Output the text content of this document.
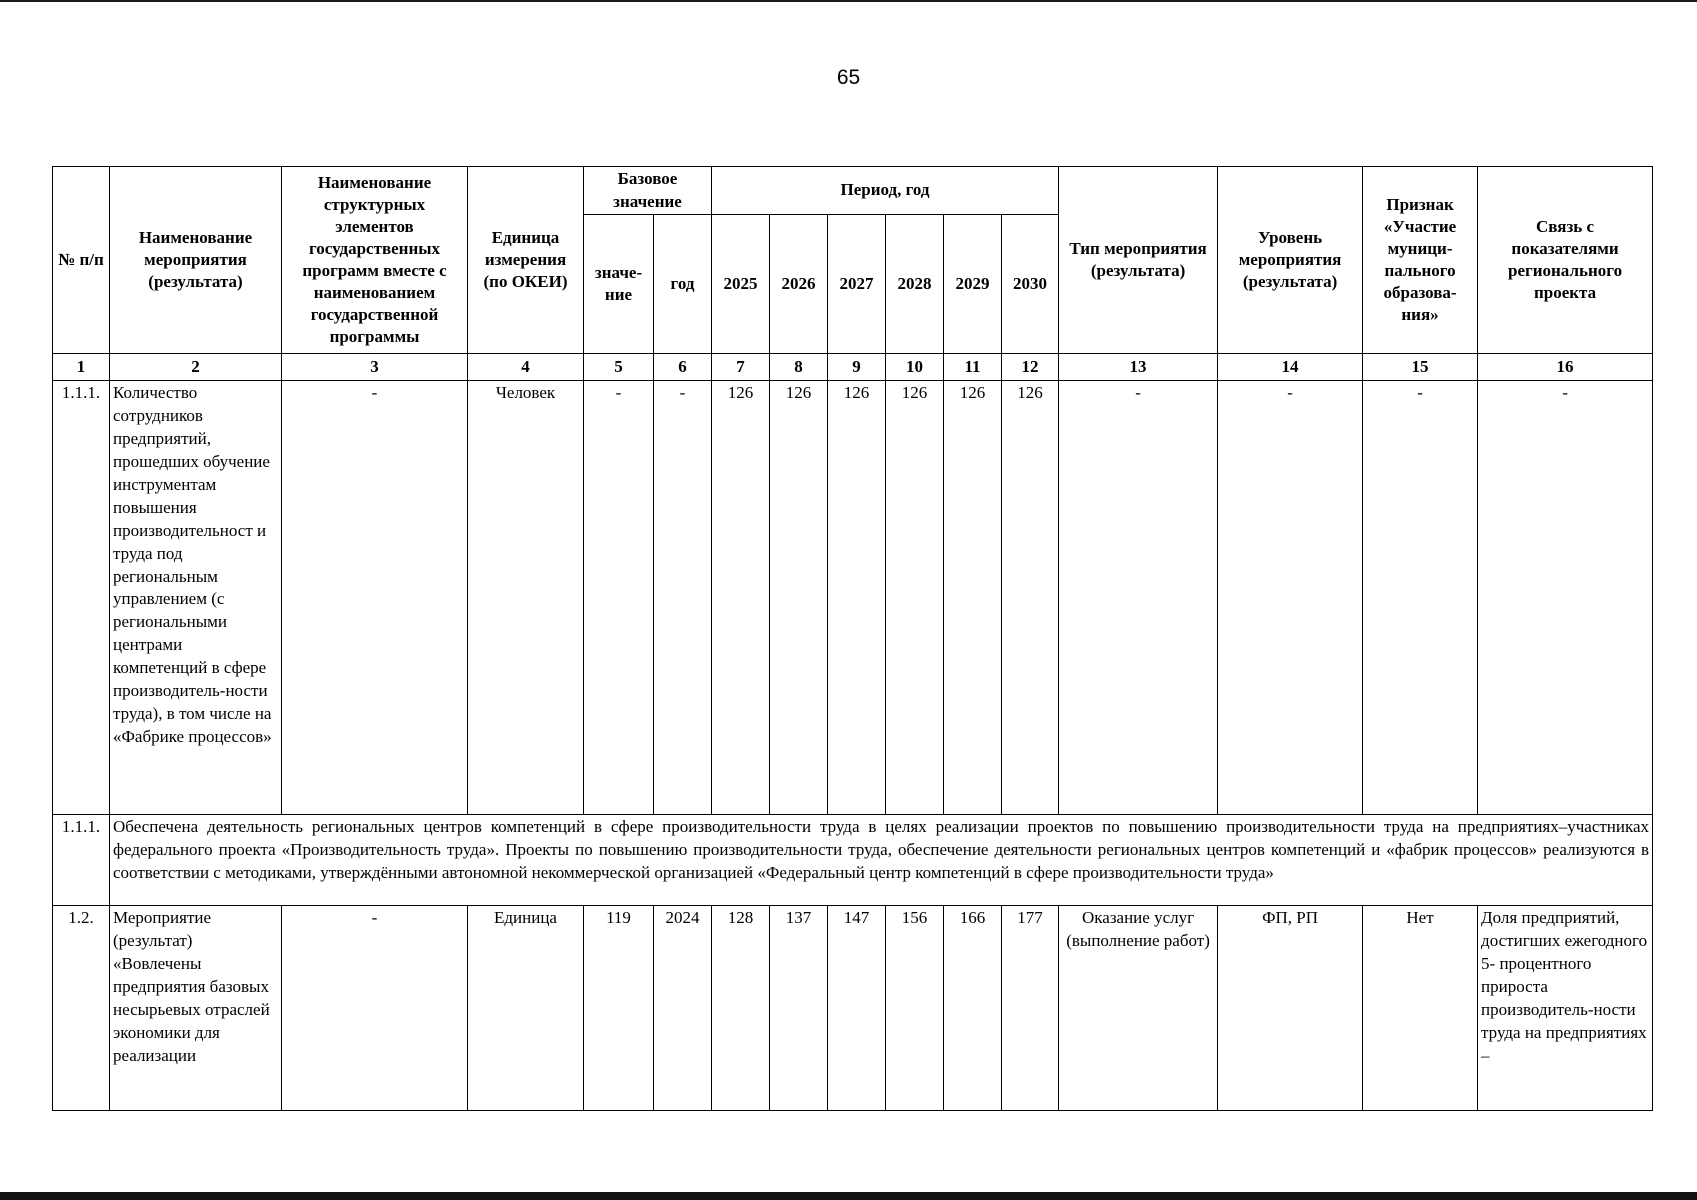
65
№ п/п	Наименование мероприятия (результата)	Наименование структурных элементов государственных программ вместе с наименованием государственной программы	Единица измерения (по ОКЕИ)	Базовое значение		Период, год						Тип мероприятия (результата)	Уровень мероприятия (результата)	Признак «Участие муници-пального образова-ния»	Связь с показателями регионального проекта
				значе-ние	год	2025	2026	2027	2028	2029	2030				
1	2	3	4	5	6	7	8	9	10	11	12	13	14	15	16
1.1.1.	Количество сотрудников предприятий, прошедших обучение инструментам повышения производительност и труда под региональным управлением (с региональными центрами компетенций в сфере производитель-ности труда), в том числе на «Фабрике процессов»	-	Человек	-	-	126	126	126	126	126	126	-	-	-	-
1.1.1.	Обеспечена деятельность региональных центров компетенций в сфере производительности труда в целях реализации проектов по повышению производительности труда на предприятиях–участниках федерального проекта «Производительность труда». Проекты по повышению производительности труда, обеспечение деятельности региональных центров компетенций и «фабрик процессов» реализуются в соответствии с методиками, утверждёнными автономной некоммерческой организацией «Федеральный центр компетенций в сфере производительности труда»														
1.2.	Мероприятие (результат) «Вовлечены предприятия базовых несырьевых отраслей экономики для реализации	-	Единица	119	2024	128	137	147	156	166	177	Оказание услуг (выполнение работ)	ФП, РП	Нет	Доля предприятий, достигших ежегодного 5- процентного прироста производитель-ности труда на предприятиях –
